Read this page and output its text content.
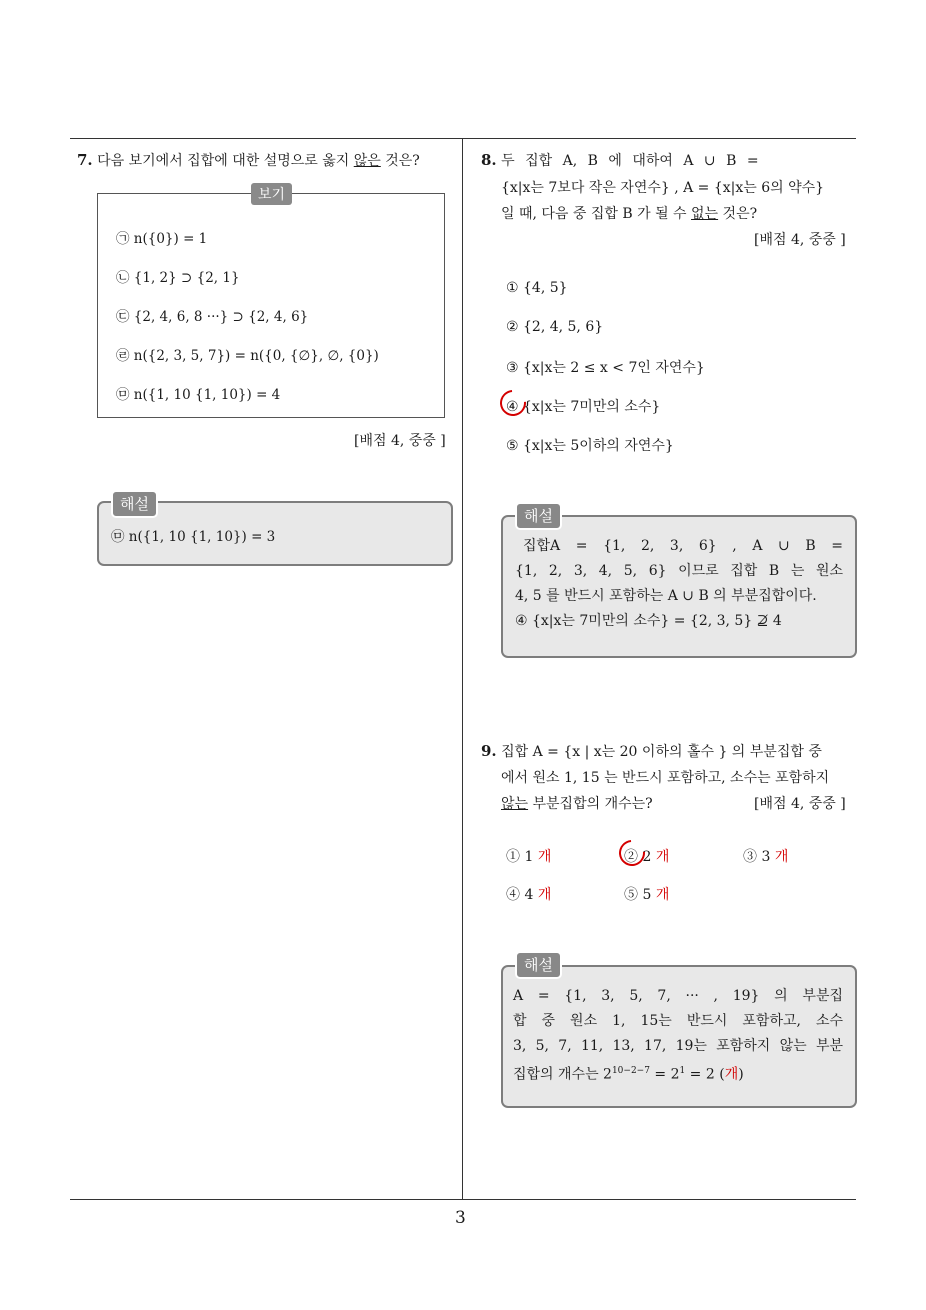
3
7. 다음 보기에서 집합에 대한 설명으로 옳지 않은 것은?
보기
㉠ n({0}) = 1
㉡ {1, 2} ⊃ {2, 1}
㉢ {2, 4, 6, 8 ···} ⊃ {2, 4, 6}
㉣ n({2, 3, 5, 7}) = n({0, {∅}, ∅, {0})
㉤ n({1, 10 {1, 10}) = 4
[배점 4, 중중 ]
해설
㉤ n({1, 10 {1, 10}) = 3
8. 두 집합 A, B 에 대하여 A ∪ B =
{x|x는 7보다 작은 자연수} , A = {x|x는 6의 약수}
일 때, 다음 중 집합 B 가 될 수 없는 것은?
[배점 4, 중중 ]
① {4, 5}
② {2, 4, 5, 6}
③ {x|x는 2 ≤ x < 7인 자연수}
④ {x|x는 7미만의 소수}
⑤ {x|x는 5이하의 자연수}
해설
집합A = {1, 2, 3, 6} , A ∪ B =
{1, 2, 3, 4, 5, 6} 이므로 집합 B 는 원소
4, 5 를 반드시 포함하는 A ∪ B 의 부분집합이다.
④ {x|x는 7미만의 소수} = {2, 3, 5} ⊉ 4
9. 집합 A = {x | x는 20 이하의 홀수 } 의 부분집합 중
에서 원소 1, 15 는 반드시 포함하고, 소수는 포함하지
않는 부분집합의 개수는?	[배점 4, 중중 ]
① 1 개	② 2 개	③ 3 개
④ 4 개	⑤ 5 개
해설
A = {1, 3, 5, 7, ··· , 19} 의 부분집
합 중 원소 1, 15는 반드시 포함하고, 소수
3, 5, 7, 11, 13, 17, 19는 포함하지 않는 부분
집합의 개수는 $2^{10-2-7} = 2^1 = 2$ (개)
